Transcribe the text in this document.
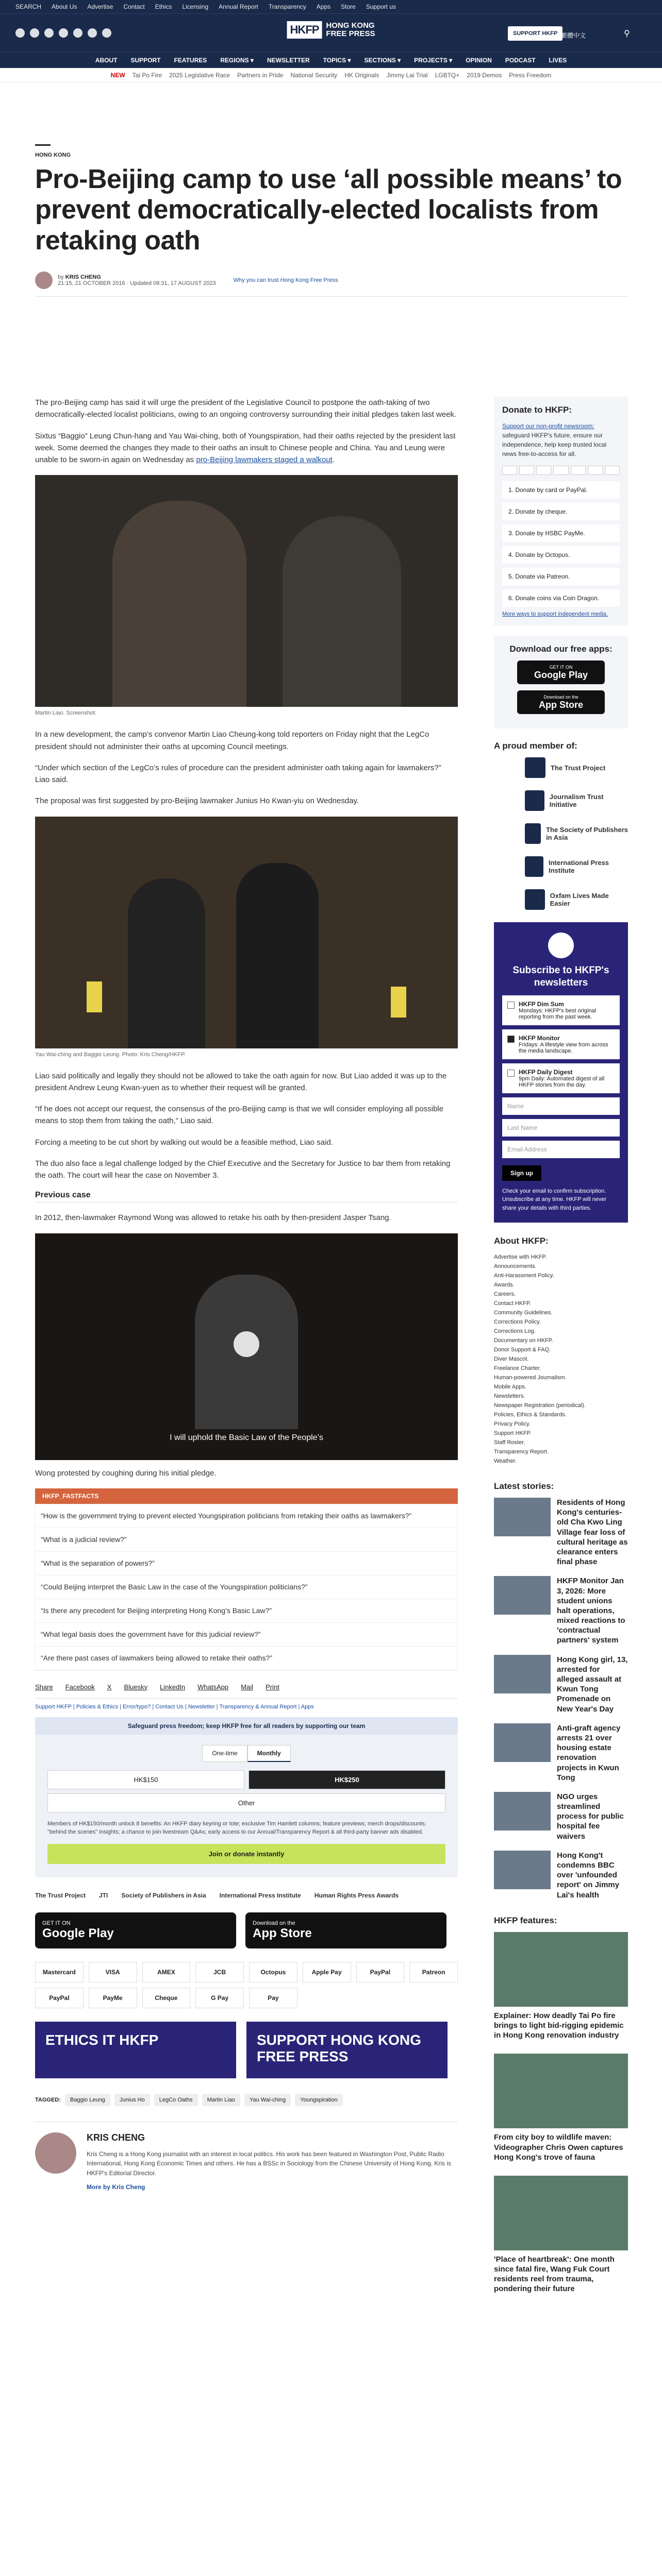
SEARCH About Us Advertise Contact Ethics Licensing Annual Report Transparency Apps Store Support us
HKFP HONG KONG
FREE PRESS	SUPPORT HKFP 繁體中文	⚲
ABOUT SUPPORT FEATURES REGIONS ▾ NEWSLETTER TOPICS ▾ SECTIONS ▾ PROJECTS ▾ OPINION PODCAST LIVES
NEW Tai Po Fire 2025 Legislative Race Partners in Pride National Security HK Originals Jimmy Lai Trial LGBTQ+ 2019 Demos Press Freedom
HONG KONG
Pro-Beijing camp to use ‘all possible means’ to prevent democratically-elected localists from retaking oath
by KRIS CHENG
21:15, 21 OCTOBER 2016 · Updated 08:31, 17 AUGUST 2023	Why you can trust Hong Kong Free Press

The pro-Beijing camp has said it will urge the president of the Legislative Council to postpone the oath-taking of two democratically-elected localist politicians, owing to an ongoing controversy surrounding their initial pledges taken last week.

Sixtus “Baggio” Leung Chun-hang and Yau Wai-ching, both of Youngspiration, had their oaths rejected by the president last week. Some deemed the changes they made to their oaths an insult to Chinese people and China. Yau and Leung were unable to be sworn-in again on Wednesday as pro-Beijing lawmakers staged a walkout.

Martin Liao. Screenshot.

In a new development, the camp’s convenor Martin Liao Cheung-kong told reporters on Friday night that the LegCo president should not administer their oaths at upcoming Council meetings.

“Under which section of the LegCo’s rules of procedure can the president administer oath taking again for lawmakers?” Liao said.

The proposal was first suggested by pro-Beijing lawmaker Junius Ho Kwan-yiu on Wednesday.

Yau Wai-ching and Baggio Leung. Photo: Kris Cheng/HKFP.

Liao said politically and legally they should not be allowed to take the oath again for now. But Liao added it was up to the president Andrew Leung Kwan-yuen as to whether their request will be granted.

“If he does not accept our request, the consensus of the pro-Beijing camp is that we will consider employing all possible means to stop them from taking the oath,” Liao said.

Forcing a meeting to be cut short by walking out would be a feasible method, Liao said.

The duo also face a legal challenge lodged by the Chief Executive and the Secretary for Justice to bar them from retaking the oath. The court will hear the case on November 3.

Previous case

In 2012, then-lawmaker Raymond Wong was allowed to retake his oath by then-president Jasper Tsang.

I will uphold the Basic Law of the People’s

Wong protested by coughing during his initial pledge.

HKFP_FASTFACTS
“How is the government trying to prevent elected Youngspiration politicians from retaking their oaths as lawmakers?”
“What is a judicial review?”
“What is the separation of powers?”
“Could Beijing interpret the Basic Law in the case of the Youngspiration politicians?”
“Is there any precedent for Beijing interpreting Hong Kong’s Basic Law?”
“What legal basis does the government have for this judicial review?”
“Are there past cases of lawmakers being allowed to retake their oaths?”
Share Facebook X Bluesky LinkedIn WhatsApp Mail Print
Support HKFP | Policies & Ethics | Error/typo? | Contact Us | Newsletter | Transparency & Annual Report | Apps
Safeguard press freedom; keep HKFP free for all readers by supporting our team
One-time	Monthly
HK$150	HK$250
Other
Members of HK$150/month unlock 8 benefits: An HKFP diary keyring or tote; exclusive Tim Hamlett columns; feature previews; merch drops/discounts; "behind the scenes" insights; a chance to join livestream Q&As; early access to our Annual/Transparency Report & all third-party banner ads disabled.
Join or donate instantly
The Trust Project JTI Society of Publishers in Asia International Press Institute Human Rights Press Awards
GET IT ON
Google Play
Download on the
App Store
Mastercard	VISA	AMEX	JCB	Octopus	Apple Pay	PayPal	Patreon
PayPal	PayMe	Cheque	G Pay	Pay
ETHICS IT HKFP	SUPPORT HONG KONG FREE PRESS
TAGGED:	Baggio Leung	Junius Ho	LegCo Oaths	Martin Liao	Yau Wai-ching	Youngspiration
KRIS CHENG

Kris Cheng is a Hong Kong journalist with an interest in local politics. His work has been featured in Washington Post, Public Radio International, Hong Kong Economic Times and others. He has a BSSc in Sociology from the Chinese University of Hong Kong. Kris is HKFP's Editorial Director.

More by Kris Cheng
Donate to HKFP:
Support our non-profit newsroom: safeguard HKFP's future, ensure our independence, help keep trusted local news free-to-access for all.
1. Donate by card or PayPal.
2. Donate by cheque.
3. Donate by HSBC PayMe.
4. Donate by Octopus.
5. Donate via Patreon.
6. Donate coins via Coin Dragon.
More ways to support independent media.
Download our free apps:
GET IT ON
Google Play
Download on the
App Store
A proud member of:
The Trust Project
Journalism Trust Initiative
The Society of Publishers in Asia
International Press Institute
Oxfam Lives Made Easier
Subscribe to HKFP's newsletters
HKFP Dim Sum
Mondays: HKFP's best original reporting from the past week.
HKFP Monitor
Fridays: A lifestyle view from across the media landscape.
HKFP Daily Digest
9pm Daily: Automated digest of all HKFP stories from the day.
Name
Last Name
Email Address
Sign up
Check your email to confirm subscription. Unsubscribe at any time. HKFP will never share your details with third parties.
About HKFP:
Advertise with HKFP.
Announcements.
Anti-Harassment Policy.
Awards.
Careers.
Contact HKFP.
Community Guidelines.
Corrections Policy.
Corrections Log.
Documentary on HKFP.
Donor Support & FAQ.
Diver Mascot.
Freelance Charter.
Human-powered Journalism.
Mobile Apps.
Newsletters.
Newspaper Registration (periodical).
Policies, Ethics & Standards.
Privacy Policy.
Support HKFP.
Staff Roster.
Transparency Report.
Weather.
Latest stories:
Residents of Hong Kong's centuries-old Cha Kwo Ling Village fear loss of cultural heritage as clearance enters final phase
HKFP Monitor Jan 3, 2026: More student unions halt operations, mixed reactions to 'contractual partners' system
Hong Kong girl, 13, arrested for alleged assault at Kwun Tong Promenade on New Year's Day
Anti-graft agency arrests 21 over housing estate renovation projects in Kwun Tong
NGO urges streamlined process for public hospital fee waivers
Hong Kong't condemns BBC over 'unfounded report' on Jimmy Lai's health
HKFP features:
Explainer: How deadly Tai Po fire brings to light bid-rigging epidemic in Hong Kong renovation industry
From city boy to wildlife maven: Videographer Chris Owen captures Hong Kong's trove of fauna
'Place of heartbreak': One month since fatal fire, Wang Fuk Court residents reel from trauma, pondering their future
